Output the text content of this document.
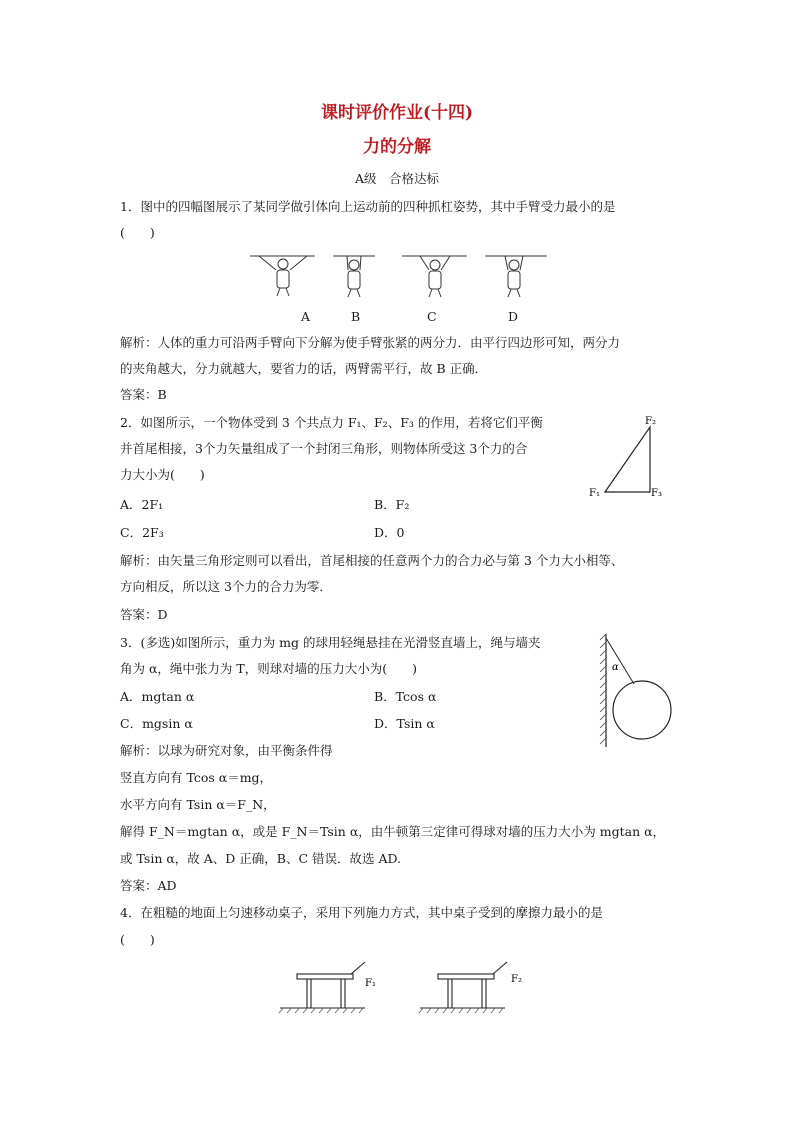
课时评价作业(十四)
力的分解
A级　合格达标
1．图中的四幅图展示了某同学做引体向上运动前的四种抓杠姿势，其中手臂受力最小的是
(　　)
A	B	C	D
解析：人体的重力可沿两手臂向下分解为使手臂张紧的两分力．由平行四边形可知，两分力
的夹角越大，分力就越大，要省力的话，两臂需平行，故 B 正确．
答案：B
2．如图所示，一个物体受到 3 个共点力 F₁、F₂、F₃ 的作用，若将它们平衡
并首尾相接，3个力矢量组成了一个封闭三角形，则物体所受这 3个力的合
力大小为(　　)
A．2F₁	B．F₂
C．2F₃	D．0
F₂
F₁	F₃
解析：由矢量三角形定则可以看出，首尾相接的任意两个力的合力必与第 3 个力大小相等、
方向相反，所以这 3个力的合力为零．
答案：D
3．(多选)如图所示，重力为 mg 的球用轻绳悬挂在光滑竖直墙上，绳与墙夹
角为 α，绳中张力为 T，则球对墙的压力大小为(　　)
A．mgtan α	B．Tcos α
C．mgsin α	D．Tsin α
α
解析：以球为研究对象，由平衡条件得
竖直方向有 Tcos α＝mg，
水平方向有 Tsin α＝F_N，
解得 F_N＝mgtan α，或是 F_N＝Tsin α，由牛顿第三定律可得球对墙的压力大小为 mgtan α，
或 Tsin α，故 A、D 正确，B、C 错误．故选 AD.
答案：AD
4．在粗糙的地面上匀速移动桌子，采用下列施力方式，其中桌子受到的摩擦力最小的是
(　　)
F₁	F₂
